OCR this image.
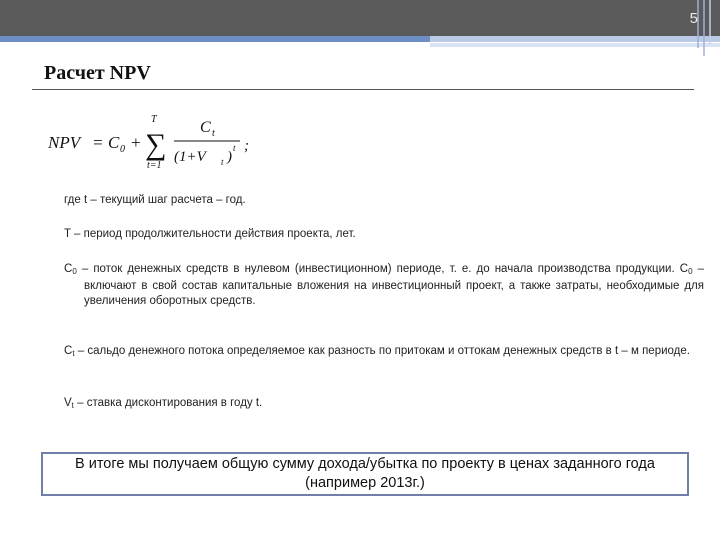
5
Расчет NPV
NPV = C 0 + ∑
T
t=1
C t
(1+V t )
t ;
где t – текущий шаг расчета – год.
T – период продолжительности действия проекта, лет.
$C_0$ – поток денежных средств в нулевом (инвестиционном) периоде, т. е. до начала производства продукции. $C_0$ –включают в свой состав капитальные вложения на инвестиционный проект, а также затраты, необходимые для увеличения оборотных средств.
$C_t$ – сальдо денежного потока определяемое как разность по притокам и оттокам денежных средств в t – м периоде.
$V_t$ – ставка дисконтирования в году t.
В итоге мы получаем общую сумму дохода/убытка по проекту в ценах заданного года (например 2013г.)
